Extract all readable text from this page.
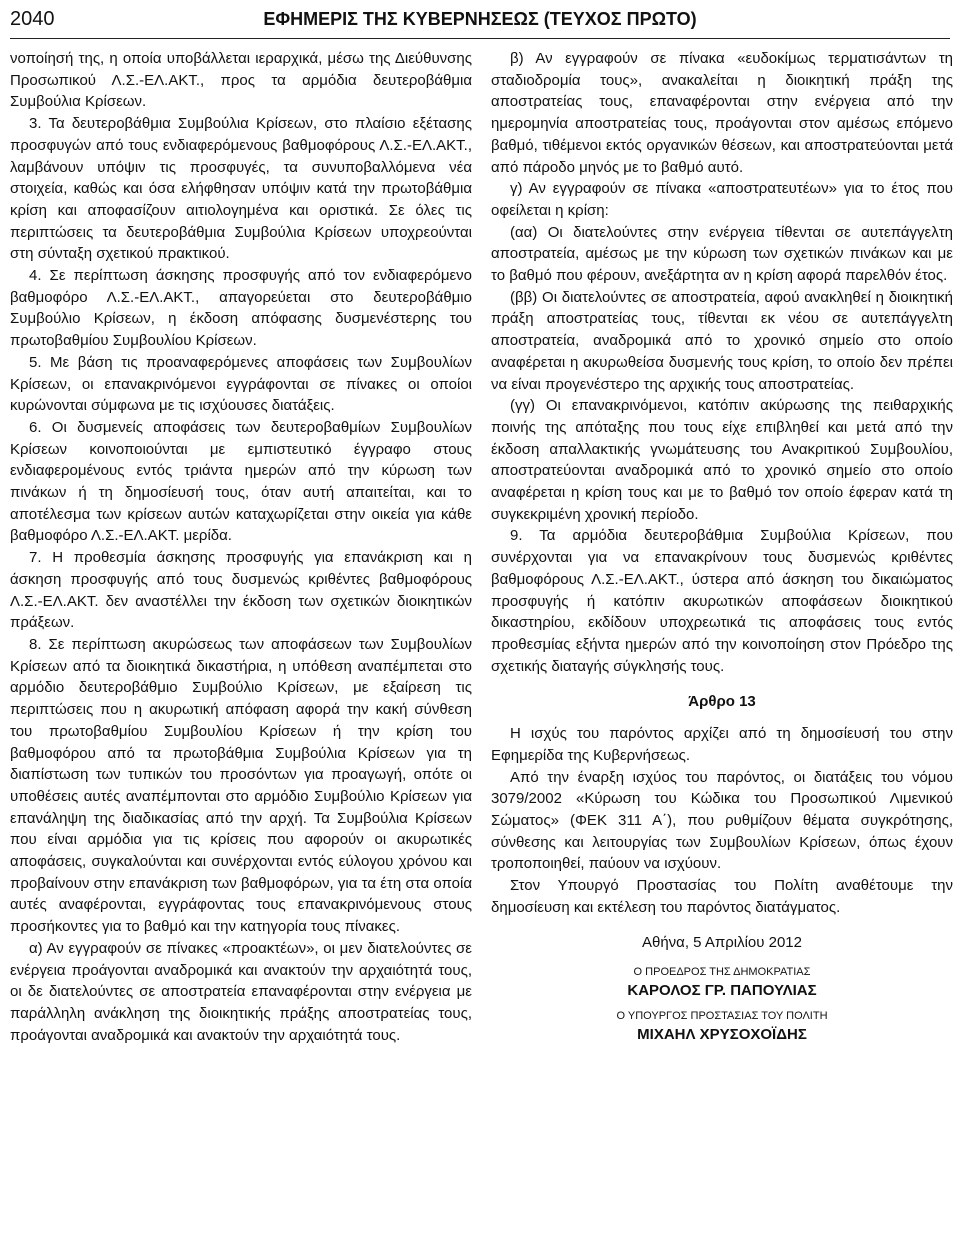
2040	ΕΦΗΜΕΡΙΣ ΤΗΣ ΚΥΒΕΡΝΗΣΕΩΣ (ΤΕΥΧΟΣ ΠΡΩΤΟ)

νοποίησή της, η οποία υποβάλλεται ιεραρχικά, μέσω της Διεύθυνσης Προσωπικού Λ.Σ.-ΕΛ.ΑΚΤ., προς τα αρμόδια δευτεροβάθμια Συμβούλια Κρίσεων.

3. Τα δευτεροβάθμια Συμβούλια Κρίσεων, στο πλαίσιο εξέτασης προσφυγών από τους ενδιαφερόμενους βαθμοφόρους Λ.Σ.-ΕΛ.ΑΚΤ., λαμβάνουν υπόψιν τις προσφυγές, τα συνυποβαλλόμενα νέα στοιχεία, καθώς και όσα ελήφθησαν υπόψιν κατά την πρωτοβάθμια κρίση και αποφασίζουν αιτιολογημένα και οριστικά. Σε όλες τις περιπτώσεις τα δευτεροβάθμια Συμβούλια Κρίσεων υποχρεούνται στη σύνταξη σχετικού πρακτικού.

4. Σε περίπτωση άσκησης προσφυγής από τον ενδιαφερόμενο βαθμοφόρο Λ.Σ.-ΕΛ.ΑΚΤ., απαγορεύεται στο δευτεροβάθμιο Συμβούλιο Κρίσεων, η έκδοση απόφασης δυσμενέστερης του πρωτοβαθμίου Συμβουλίου Κρίσεων.

5. Με βάση τις προαναφερόμενες αποφάσεις των Συμβουλίων Κρίσεων, οι επανακρινόμενοι εγγράφονται σε πίνακες οι οποίοι κυρώνονται σύμφωνα με τις ισχύουσες διατάξεις.

6. Οι δυσμενείς αποφάσεις των δευτεροβαθμίων Συμβουλίων Κρίσεων κοινοποιούνται με εμπιστευτικό έγγραφο στους ενδιαφερομένους εντός τριάντα ημερών από την κύρωση των πινάκων ή τη δημοσίευσή τους, όταν αυτή απαιτείται, και το αποτέλεσμα των κρίσεων αυτών καταχωρίζεται στην οικεία για κάθε βαθμοφόρο Λ.Σ.-ΕΛ.ΑΚΤ. μερίδα.

7. Η προθεσμία άσκησης προσφυγής για επανάκριση και η άσκηση προσφυγής από τους δυσμενώς κριθέντες βαθμοφόρους Λ.Σ.-ΕΛ.ΑΚΤ. δεν αναστέλλει την έκδοση των σχετικών διοικητικών πράξεων.

8. Σε περίπτωση ακυρώσεως των αποφάσεων των Συμβουλίων Κρίσεων από τα διοικητικά δικαστήρια, η υπόθεση αναπέμπεται στο αρμόδιο δευτεροβάθμιο Συμβούλιο Κρίσεων, με εξαίρεση τις περιπτώσεις που η ακυρωτική απόφαση αφορά την κακή σύνθεση του πρωτοβαθμίου Συμβουλίου Κρίσεων ή την κρίση του βαθμοφόρου από τα πρωτοβάθμια Συμβούλια Κρίσεων για τη διαπίστωση των τυπικών του προσόντων για προαγωγή, οπότε οι υποθέσεις αυτές αναπέμπονται στο αρμόδιο Συμβούλιο Κρίσεων για επανάληψη της διαδικασίας από την αρχή. Τα Συμβούλια Κρίσεων που είναι αρμόδια για τις κρίσεις που αφορούν οι ακυρωτικές αποφάσεις, συγκαλούνται και συνέρχονται εντός εύλογου χρόνου και προβαίνουν στην επανάκριση των βαθμοφόρων, για τα έτη στα οποία αυτές αναφέρονται, εγγράφοντας τους επανακρινόμενους στους προσήκοντες για το βαθμό και την κατηγορία τους πίνακες.

α) Αν εγγραφούν σε πίνακες «προακτέων», οι μεν διατελούντες σε ενέργεια προάγονται αναδρομικά και ανακτούν την αρχαιότητά τους, οι δε διατελούντες σε αποστρατεία επαναφέρονται στην ενέργεια με παράλληλη ανάκληση της διοικητικής πράξης αποστρατείας τους, προάγονται αναδρομικά και ανακτούν την αρχαιότητά τους.

β) Αν εγγραφούν σε πίνακα «ευδοκίμως τερματισάντων τη σταδιοδρομία τους», ανακαλείται η διοικητική πράξη της αποστρατείας τους, επαναφέρονται στην ενέργεια από την ημερομηνία αποστρατείας τους, προάγονται στον αμέσως επόμενο βαθμό, τιθέμενοι εκτός οργανικών θέσεων, και αποστρατεύονται μετά από πάροδο μηνός με το βαθμό αυτό.

γ) Αν εγγραφούν σε πίνακα «αποστρατευτέων» για το έτος που οφείλεται η κρίση:

(αα) Οι διατελούντες στην ενέργεια τίθενται σε αυτεπάγγελτη αποστρατεία, αμέσως με την κύρωση των σχετικών πινάκων και με το βαθμό που φέρουν, ανεξάρτητα αν η κρίση αφορά παρελθόν έτος.

(ββ) Οι διατελούντες σε αποστρατεία, αφού ανακληθεί η διοικητική πράξη αποστρατείας τους, τίθενται εκ νέου σε αυτεπάγγελτη αποστρατεία, αναδρομικά από το χρονικό σημείο στο οποίο αναφέρεται η ακυρωθείσα δυσμενής τους κρίση, το οποίο δεν πρέπει να είναι προγενέστερο της αρχικής τους αποστρατείας.

(γγ) Οι επανακρινόμενοι, κατόπιν ακύρωσης της πειθαρχικής ποινής της απόταξης που τους είχε επιβληθεί και μετά από την έκδοση απαλλακτικής γνωμάτευσης του Ανακριτικού Συμβουλίου, αποστρατεύονται αναδρομικά από το χρονικό σημείο στο οποίο αναφέρεται η κρίση τους και με το βαθμό τον οποίο έφεραν κατά τη συγκεκριμένη χρονική περίοδο.

9. Τα αρμόδια δευτεροβάθμια Συμβούλια Κρίσεων, που συνέρχονται για να επανακρίνουν τους δυσμενώς κριθέντες βαθμοφόρους Λ.Σ.-ΕΛ.ΑΚΤ., ύστερα από άσκηση του δικαιώματος προσφυγής ή κατόπιν ακυρωτικών αποφάσεων διοικητικού δικαστηρίου, εκδίδουν υποχρεωτικά τις αποφάσεις τους εντός προθεσμίας εξήντα ημερών από την κοινοποίηση στον Πρόεδρο της σχετικής διαταγής σύγκλησής τους.

Άρθρο 13

Η ισχύς του παρόντος αρχίζει από τη δημοσίευσή του στην Εφημερίδα της Κυβερνήσεως.

Από την έναρξη ισχύος του παρόντος, οι διατάξεις του νόμου 3079/2002 «Κύρωση του Κώδικα του Προσωπικού Λιμενικού Σώματος» (ΦΕΚ 311 Α΄), που ρυθμίζουν θέματα συγκρότησης, σύνθεσης και λειτουργίας των Συμβουλίων Κρίσεων, όπως έχουν τροποποιηθεί, παύουν να ισχύουν.

Στον Υπουργό Προστασίας του Πολίτη αναθέτουμε την δημοσίευση και εκτέλεση του παρόντος διατάγματος.

Αθήνα, 5 Απριλίου 2012

Ο ΠΡΟΕΔΡΟΣ ΤΗΣ ΔΗΜΟΚΡΑΤΙΑΣ

ΚΑΡΟΛΟΣ ΓΡ. ΠΑΠΟΥΛΙΑΣ

Ο ΥΠΟΥΡΓΟΣ ΠΡΟΣΤΑΣΙΑΣ ΤΟΥ ΠΟΛΙΤΗ

ΜΙΧΑΗΛ ΧΡΥΣΟΧΟΪΔΗΣ
